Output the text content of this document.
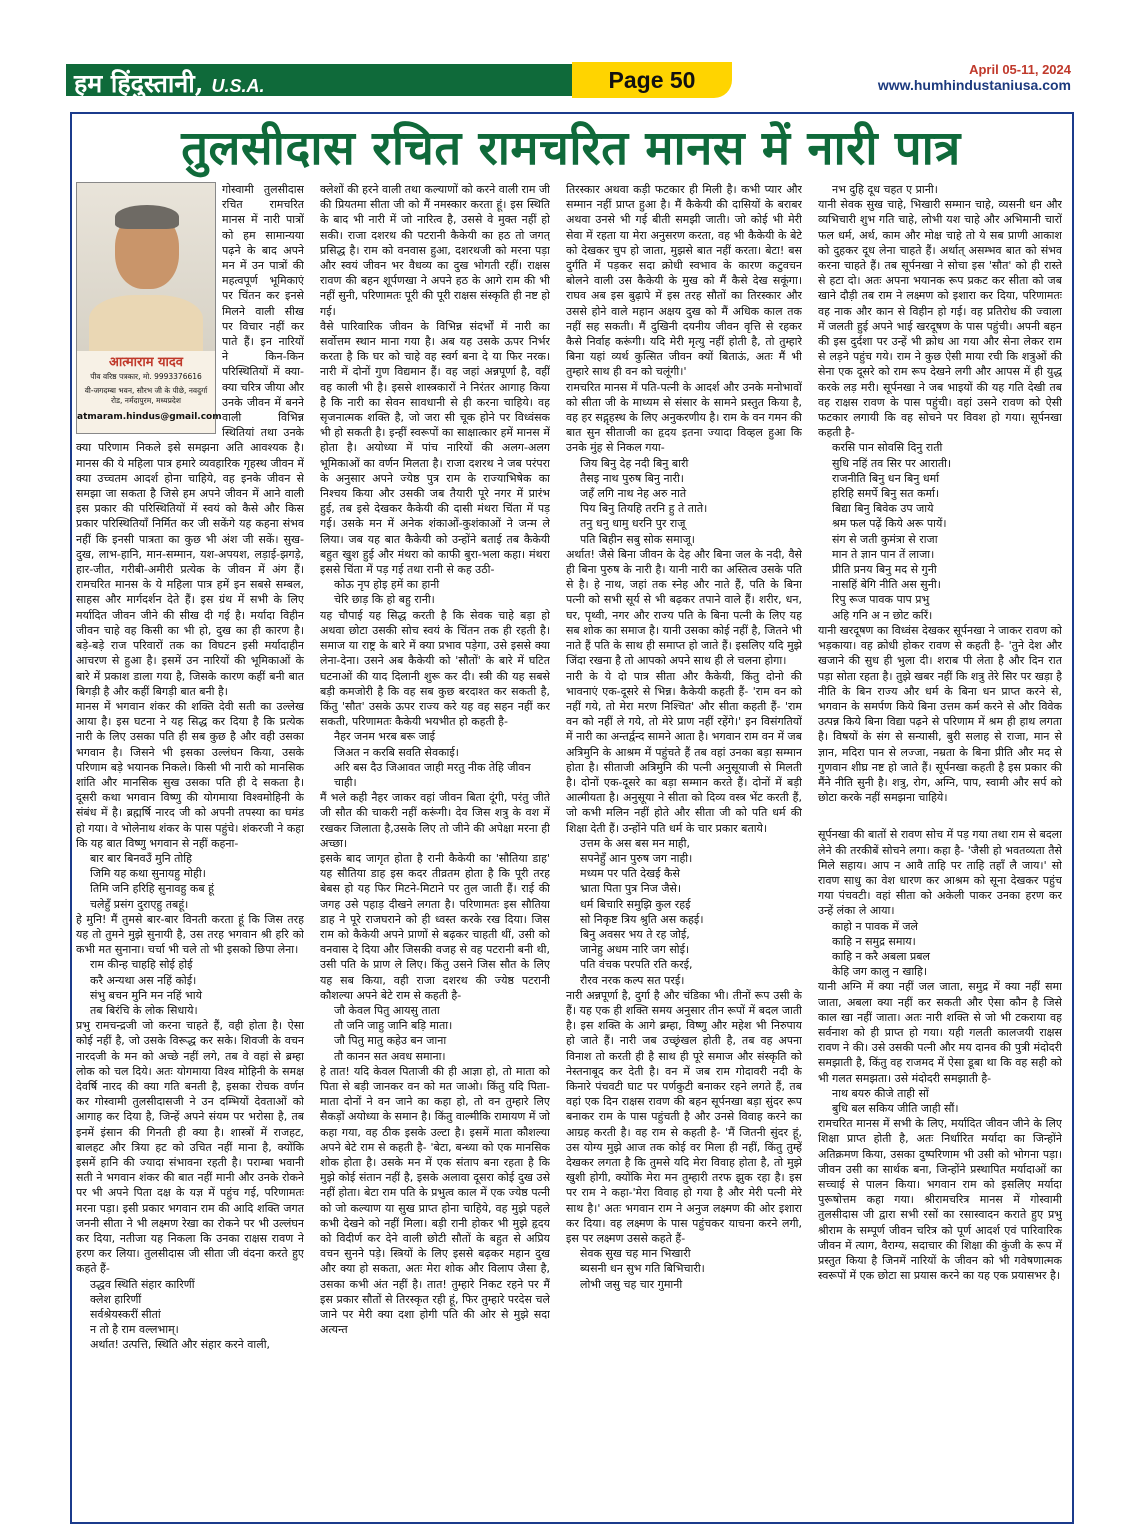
हम हिंदुस्तानी, U.S.A.	Page 50	April 05-11, 2024
www.humhindustaniusa.com
तुलसीदास रचित रामचरित मानस में नारी पात्र
आत्माराम यादव
पीव वरिष्ठ पत्रकार, मो. 9993376616
वी-जगदम्बा भवन, सौरभ जी के पीछे, नवदुर्गा रोड, नर्मदापुरम, मध्यप्रदेश
atmaram.hindus@gmail.com

गोस्वामी तुलसीदास रचित रामचरित मानस में नारी पात्रों को हम सामान्यया पढ़ने के बाद अपने मन में उन पात्रों की महत्वपूर्ण भूमिकाएं पर चिंतन कर इनसे मिलने वाली सीख पर विचार नहीं कर पाते हैं। इन नारियों ने किन-किन परिस्थितियों में क्या-क्या चरित्र जीया और उनके जीवन में बनने वाली विभिन्न स्थितियां तथा उनके क्या परिणाम निकले इसे समझना अति आवश्यक है। मानस की ये महिला पात्र हमारे व्यवहारिक गृहस्थ जीवन में क्या उच्चतम आदर्श होना चाहिये, वह इनके जीवन से समझा जा सकता है जिसे हम अपने जीवन में आने वाली इस प्रकार की परिस्थितियों में स्वयं को कैसे और किस प्रकार परिस्थितियाँ निर्मित कर जी सकेंगे यह कहना संभव नहीं कि इनसी पात्रता का कुछ भी अंश जी सकें। सुख-दुख, लाभ-हानि, मान-सम्मान, यश-अपयश, लड़ाई-झगड़े, हार-जीत, गरीबी-अमीरी प्रत्येक के जीवन में अंग हैं। रामचरित मानस के ये महिला पात्र हमें इन सबसे सम्बल, साहस और मार्गदर्शन देते हैं। इस ग्रंथ में सभी के लिए मर्यादित जीवन जीने की सीख दी गई है। मर्यादा विहीन जीवन चाहे वह किसी का भी हो, दुख का ही कारण है। बड़े-बड़े राज परिवारों तक का विघटन इसी मर्यादाहीन आचरण से हुआ है। इसमें उन नारियों की भूमिकाओं के बारे में प्रकाश डाला गया है, जिसके कारण कहीं बनी बात बिगड़ी है और कहीं बिगड़ी बात बनी है।

मानस में भगवान शंकर की शक्ति देवी सती का उल्लेख आया है। इस घटना ने यह सिद्ध कर दिया है कि प्रत्येक नारी के लिए उसका पति ही सब कुछ है और वही उसका भगवान है। जिसने भी इसका उल्लंघन किया, उसके परिणाम बड़े भयानक निकले। किसी भी नारी को मानसिक शांति और मानसिक सुख उसका पति ही दे सकता है। दूसरी कथा भगवान विष्णु की योगमाया विश्वमोहिनी के संबंध में है। ब्रह्मर्षि नारद जी को अपनी तपस्या का घमंड हो गया। वे भोलेनाथ शंकर के पास पहुंचे। शंकरजी ने कहा कि यह बात विष्णु भगवान से नहीं कहना-

बार बार बिनवउँ मुनि तोहि

जिमि यह कथा सुनायहु मोही।

तिमि जनि हरिहि सुनावहु कब हूं

चलेहुँ प्रसंग दुराएहु तबहूं।

हे मुनि! मैं तुमसे बार-बार विनती करता हूं कि जिस तरह यह तो तुमने मुझे सुनायी है, उस तरह भगवान श्री हरि को कभी मत सुनाना। चर्चा भी चले तो भी इसको छिपा लेना।

राम कीन्ह चाहहि सोई होई

करै अन्यथा अस नहिं कोई।

संभु बचन मुनि मन नहिं भाये

तब बिरंचि के लोक सिधाये।

प्रभु रामचन्द्रजी जो करना चाहते हैं, वही होता है। ऐसा कोई नहीं है, जो उसके विरूद्ध कर सके। शिवजी के वचन नारदजी के मन को अच्छे नहीं लगे, तब वे वहां से ब्रम्हा लोक को चल दिये। अतः योगमाया विश्व मोहिनी के समक्ष देवर्षि नारद की क्या गति बनती है, इसका रोचक वर्णन कर गोस्वामी तुलसीदासजी ने उन दम्भियों देवताओं को आगाह कर दिया है, जिन्हें अपने संयम पर भरोसा है, तब इनमें इंसान की गिनती ही क्या है। शास्त्रों में राजहट, बालहट और त्रिया हट को उचित नहीं माना है, क्योंकि इसमें हानि की ज्यादा संभावना रहती है। पराम्बा भवानी सती ने भगवान शंकर की बात नहीं मानी और उनके रोकने पर भी अपने पिता दक्ष के यज्ञ में पहुंच गई, परिणामतः मरना पड़ा। इसी प्रकार भगवान राम की आदि शक्ति जगत जननी सीता ने भी लक्ष्मण रेखा का रोकने पर भी उल्लंघन कर दिया, नतीजा यह निकला कि उनका राक्षस रावण ने हरण कर लिया। तुलसीदास जी सीता जी वंदना करते हुए कहते हैं-

उद्धव स्थिति संहार कारिणीं

क्लेश हारिणीं

सर्वश्रेयस्करीं सीतां

न तो है राम वल्लभाम्।

अर्थात! उत्पत्ति, स्थिति और संहार करने वाली,

क्लेशों की हरने वाली तथा कल्याणों को करने वाली राम जी की प्रियतमा सीता जी को मैं नमस्कार करता हूं। इस स्थिति के बाद भी नारी में जो नारित्व है, उससे वे मुक्त नहीं हो सकी। राजा दशरथ की पटरानी कैकेयी का हठ तो जगत् प्रसिद्ध है। राम को वनवास हुआ, दशरथजी को मरना पड़ा और स्वयं जीवन भर वैधव्य का दुख भोगती रहीं। राक्षस रावण की बहन शूर्पणखा ने अपने हठ के आगे राम की भी नहीं सुनी, परिणामतः पूरी की पूरी राक्षस संस्कृति ही नष्ट हो गई।

वैसे पारिवारिक जीवन के विभिन्न संदर्भों में नारी का सर्वोत्तम स्थान माना गया है। अब यह उसके ऊपर निर्भर करता है कि घर को चाहे वह स्वर्ग बना दे या फिर नरक। नारी में दोनों गुण विद्यमान हैं। वह जहां अन्नपूर्णा है, वहीं वह काली भी है। इससे शास्त्रकारों ने निरंतर आगाह किया है कि नारी का सेवन सावधानी से ही करना चाहिये। वह सृजनात्मक शक्ति है, जो जरा सी चूक होने पर विध्वंसक भी हो सकती है। इन्हीं स्वरूपों का साक्षात्कार हमें मानस में होता है। अयोध्या में पांच नारियों की अलग-अलग भूमिकाओं का वर्णन मिलता है। राजा दशरथ ने जब परंपरा के अनुसार अपने ज्येष्ठ पुत्र राम के राज्याभिषेक का निश्चय किया और उसकी जब तैयारी पूरे नगर में प्रारंभ हुई, तब इसे देखकर कैकेयी की दासी मंथरा चिंता में पड़ गई। उसके मन में अनेक शंकाओं-कुशंकाओं ने जन्म ले लिया। जब यह बात कैकेयी को उन्होंने बताई तब कैकेयी बहुत खुश हुई और मंथरा को काफी बुरा-भला कहा। मंथरा इससे चिंता में पड़ गई तथा रानी से कह उठी-

कोऊ नृप होइ हमें का हानी

चेरि छाड़ कि हो बहु रानी।

यह चौपाई यह सिद्ध करती है कि सेवक चाहे बड़ा हो अथवा छोटा उसकी सोच स्वयं के चिंतन तक ही रहती है। समाज या राष्ट्र के बारे में क्या प्रभाव पड़ेगा, उसे इससे क्या लेना-देना। उसने अब कैकेयी को 'सौतों' के बारे में घटित घटनाओं की याद दिलानी शुरू कर दी। स्त्री की यह सबसे बड़ी कमजोरी है कि वह सब कुछ बरदाश्त कर सकती है, किंतु 'सौत' उसके ऊपर राज्य करे यह वह सहन नहीं कर सकती, परिणामतः कैकेयी भयभीत हो कहती है-

नैहर जनम भरब बरू जाई

जिअत न करबि सवति सेवकाई।

अरि बस दैउ जिआवत जाही मरतु नीक तेहि जीवन चाही।

मैं भले कही नैहर जाकर वहां जीवन बिता दूंगी, परंतु जीते जी सौत की चाकरी नहीं करूंगी। देव जिस शत्रु के वश में रखकर जिलाता है,उसके लिए तो जीने की अपेक्षा मरना ही अच्छा।

इसके बाद जागृत होता है रानी कैकेयी का 'सौतिया डाह' यह सौतिया डाह इस कदर तीव्रतम होता है कि पूरी तरह बेबस हो यह फिर मिटने-मिटाने पर तुल जाती हैं। राई की जगह उसे पहाड़ दीखने लगता है। परिणामतः इस सौतिया डाह ने पूरे राजघराने को ही ध्वस्त करके रख दिया। जिस राम को कैकेयी अपने प्राणों से बढ़कर चाहती थीं, उसी को वनवास दे दिया और जिसकी वजह से वह पटरानी बनी थी, उसी पति के प्राण ले लिए। किंतु उसने जिस सौत के लिए यह सब किया, वही राजा दशरथ की ज्येष्ठ पटरानी कौशल्या अपने बेटे राम से कहती है-

जौ केवल पितु आयसु ताता

तौ जनि जाहु जानि बड़ि माता।

जौ पितु मातु कहेउ बन जाना

तौ कानन सत अवध समाना।

हे तात! यदि केवल पिताजी की ही आज्ञा हो, तो माता को पिता से बड़ी जानकर वन को मत जाओ। किंतु यदि पिता-माता दोनों ने वन जाने का कहा हो, तो वन तुम्हारे लिए सैकड़ों अयोध्या के समान है। किंतु वाल्मीकि रामायण में जो कहा गया, वह ठीक इसके उल्टा है। इसमें माता कौशल्या अपने बेटे राम से कहती है- 'बेटा, बन्ध्या को एक मानसिक शोक होता है। उसके मन में एक संताप बना रहता है कि मुझे कोई संतान नहीं है, इसके अलावा दूसरा कोई दुख उसे नहीं होता। बेटा राम पति के प्रभुत्व काल में एक ज्येष्ठ पत्नी को जो कल्याण या सुख प्राप्त होना चाहिये, वह मुझे पहले कभी देखने को नहीं मिला। बड़ी रानी होकर भी मुझे हृदय को विदीर्ण कर देने वाली छोटी सौतों के बहुत से अप्रिय वचन सुनने पड़े। स्त्रियों के लिए इससे बढ़कर महान दुख और क्या हो सकता, अतः मेरा शोक और विलाप जैसा है, उसका कभी अंत नहीं है। तात! तुम्हारे निकट रहने पर मैं इस प्रकार सौतों से तिरस्कृत रही हूं, फिर तुम्हारे परदेस चले जाने पर मेरी क्या दशा होगी पति की ओर से मुझे सदा अत्यन्त

तिरस्कार अथवा कड़ी फटकार ही मिली है। कभी प्यार और सम्मान नहीं प्राप्त हुआ है। मैं कैकेयी की दासियों के बराबर अथवा उनसे भी गई बीती समझी जाती। जो कोई भी मेरी सेवा में रहता या मेरा अनुसरण करता, वह भी कैकेयी के बेटे को देखकर चुप हो जाता, मुझसे बात नहीं करता। बेटा! बस दुर्गति में पड़कर सदा क्रोधी स्वभाव के कारण कटुवचन बोलने वाली उस कैकेयी के मुख को मैं कैसे देख सकूंगा। राघव अब इस बुढ़ापे में इस तरह सौतों का तिरस्कार और उससे होने वाले महान अक्षय दुख को मैं अधिक काल तक नहीं सह सकती। मैं दुखिनी दयनीय जीवन वृत्ति से रहकर कैसे निर्वाह करूंगी। यदि मेरी मृत्यु नहीं होती है, तो तुम्हारे बिना यहां व्यर्थ कुत्सित जीवन क्यों बिताऊं, अतः मैं भी तुम्हारे साथ ही वन को चलूंगी।'

रामचरित मानस में पति-पत्नी के आदर्श और उनके मनोभावों को सीता जी के माध्यम से संसार के सामने प्रस्तुत किया है, वह हर सद्गृहस्थ के लिए अनुकरणीय है। राम के वन गमन की बात सुन सीताजी का हृदय इतना ज्यादा विव्हल हुआ कि उनके मुंह से निकल गया-

जिय बिनु देह नदी बिनु बारी

तैसइ नाथ पुरुष बिनु नारी।

जहँ लगि नाथ नेह अरु नाते

पिय बिनु तियहि तरनि हु ते ताते।

तनु धनु धामु धरनि पुर राजू

पति बिहीन सबु सोक समाजू।

अर्थात! जैसे बिना जीवन के देह और बिना जल के नदी, वैसे ही बिना पुरुष के नारी है। यानी नारी का अस्तित्व उसके पति से है। हे नाथ, जहां तक स्नेह और नाते हैं, पति के बिना पत्नी को सभी सूर्य से भी बढ़कर तपाने वाले हैं। शरीर, धन, घर, पृथ्वी, नगर और राज्य पति के बिना पत्नी के लिए यह सब शोक का समाज है। यानी उसका कोई नहीं है, जितने भी नाते हैं पति के साथ ही समाप्त हो जाते हैं। इसलिए यदि मुझे जिंदा रखना है तो आपको अपने साथ ही ले चलना होगा।

नारी के ये दो पात्र सीता और कैकेयी, किंतु दोनो की भावनाएं एक-दूसरे से भिन्न। कैकेयी कहती हैं- 'राम वन को नहीं गये, तो मेरा मरण निश्चित' और सीता कहती हैं- 'राम वन को नहीं ले गये, तो मेरे प्राण नहीं रहेंगे।' इन विसंगतियों में नारी का अन्तर्द्वन्द सामने आता है। भगवान राम वन में जब अत्रिमुनि के आश्रम में पहुंचते हैं तब वहां उनका बड़ा सम्मान होता है। सीताजी अत्रिमुनि की पत्नी अनुसूयाजी से मिलती है। दोनों एक-दूसरे का बड़ा सम्मान करते हैं। दोनों में बड़ी आत्मीयता है। अनुसूया ने सीता को दिव्य वस्त्र भेंट करती हैं, जो कभी मलिन नहीं होते और सीता जी को पति धर्म की शिक्षा देती हैं। उन्होंने पति धर्म के चार प्रकार बताये।

उत्तम के अस बस मन माही,

सपनेहुँ आन पुरुष जग नाही।

मध्यम पर पति देखई कैसे

भ्राता पिता पुत्र निज जैसे।

धर्म बिचारि समुझि कुल रहई

सो निकृष्ट त्रिय श्रुति अस कहई।

बिनु अवसर भय ते रह जोई,

जानेहु अधम नारि जग सोई।

पति वंचक परपति रति करई,

रौरव नरक कल्प सत परई।

नारी अन्नपूर्णा है, दुर्गा है और चंडिका भी। तीनों रूप उसी के हैं। यह एक ही शक्ति समय अनुसार तीन रूपों में बदल जाती है। इस शक्ति के आगे ब्रम्हा, विष्णु और महेश भी निरुपाय हो जाते हैं। नारी जब उच्छृंखल होती है, तब वह अपना विनाश तो करती ही है साथ ही पूरे समाज और संस्कृति को नेस्तनाबूद कर देती है। वन में जब राम गोदावरी नदी के किनारे पंचवटी घाट पर पर्णकुटी बनाकर रहने लगते हैं, तब वहां एक दिन राक्षस रावण की बहन सूर्पनखा बड़ा सुंदर रूप बनाकर राम के पास पहुंचती है और उनसे विवाह करने का आग्रह करती है। वह राम से कहती है- 'मैं जितनी सुंदर हूं, उस योग्य मुझे आज तक कोई वर मिला ही नहीं, किंतु तुम्हें देखकर लगता है कि तुमसे यदि मेरा विवाह होता है, तो मुझे खुशी होगी, क्योंकि मेरा मन तुम्हारी तरफ झुक रहा है। इस पर राम ने कहा-'मेरा विवाह हो गया है और मेरी पत्नी मेरे साथ है।' अतः भगवान राम ने अनुज लक्ष्मण की ओर इशारा कर दिया। वह लक्ष्मण के पास पहुंचकर याचना करने लगी, इस पर लक्ष्मण उससे कहते हैं-

सेवक सुख चह मान भिखारी

ब्यसनी धन सुभ गति बिभिचारी।

लोभी जसु चह चार गुमानी

नभ दुहि दूध चहत ए प्रानी।

यानी सेवक सुख चाहे, भिखारी सम्मान चाहे, व्यसनी धन और व्यभिचारी शुभ गति चाहे, लोभी यश चाहे और अभिमानी चारों फल धर्म, अर्थ, काम और मोक्ष चाहे तो ये सब प्राणी आकाश को दुहकर दूध लेना चाहते हैं। अर्थात् असम्भव बात को संभव करना चाहते हैं। तब सूर्पनखा ने सोचा इस 'सौत' को ही रास्ते से हटा दो। अतः अपना भयानक रूप प्रकट कर सीता को जब खाने दौड़ी तब राम ने लक्ष्मण को इशारा कर दिया, परिणामतः वह नाक और कान से विहीन हो गई। वह प्रतिरोध की ज्वाला में जलती हुई अपने भाई खरदूषण के पास पहुंची। अपनी बहन की इस दुर्दशा पर उन्हें भी क्रोध आ गया और सेना लेकर राम से लड़ने पहुंच गये। राम ने कुछ ऐसी माया रची कि शत्रुओं की सेना एक दूसरे को राम रूप देखने लगी और आपस में ही युद्ध करके लड़ मरी। सूर्पनखा ने जब भाइयों की यह गति देखी तब वह राक्षस रावण के पास पहुंची। वहां उसने रावण को ऐसी फटकार लगायी कि वह सोचने पर विवश हो गया। सूर्पनखा कहती है-

करसि पान सोवसि दिनु राती

सुधि नहिं तव सिर पर आराती।

राजनीति बिनु धन बिनु धर्मा

हरिहि समर्पे बिनु सत कर्मा।

बिद्या बिनु बिवेक उप जाये

श्रम फल पढ़ें किये अरू पायें।

संग से जती कुमंत्रा से राजा

मान ते ज्ञान पान तें लाजा।

प्रीति प्रनय बिनु मद से गुनी

नासहिं बेगि नीति अस सुनी।

रिपु रूज पावक पाप प्रभु

अहि गनि अ न छोट करिं।

यानी खरदूषण का विध्वंस देखकर सूर्पनखा ने जाकर रावण को भड़काया। वह क्रोधी होकर रावण से कहती है- 'तुने देश और खजाने की सुध ही भुला दी। शराब पी लेता है और दिन रात पड़ा सोता रहता है। तुझे खबर नहीं कि शत्रु तेरे सिर पर खड़ा है नीति के बिन राज्य और धर्म के बिना धन प्राप्त करने से, भगवान के समर्पण किये बिना उत्तम कर्म करने से और विवेक उत्पन्न किये बिना विद्या पढ़ने से परिणाम में श्रम ही हाथ लगता है। विषयों के संग से सन्यासी, बुरी सलाह से राजा, मान से ज्ञान, मदिरा पान से लज्जा, नम्रता के बिना प्रीति और मद से गुणवान शीघ्र नष्ट हो जाते हैं। सूर्पनखा कहती है इस प्रकार की मैंने नीति सुनी है। शत्रु, रोग, अग्नि, पाप, स्वामी और सर्प को छोटा करके नहीं समझना चाहिये।

सूर्पनखा की बातों से रावण सोच में पड़ गया तथा राम से बदला लेने की तरकीबें सोचने लगा। कहा है- 'जैसी हो भवतव्यता तैसे मिले सहाय। आप न आवै ताहि पर ताहि तहाँ लै जाय।' सो रावण साधु का वेश धारण कर आश्रम को सूना देखकर पहुंच गया पंचवटी। वहां सीता को अकेली पाकर उनका हरण कर उन्हें लंका ले आया।

काहो न पावक में जले

काहि न समुद्र समाय।

काहि न करै अबला प्रबल

केहि जग कालु न खाहि।

यानी अग्नि में क्या नहीं जल जाता, समुद्र में क्या नहीं समा जाता, अबला क्या नहीं कर सकती और ऐसा कौन है जिसे काल खा नहीं जाता। अतः नारी शक्ति से जो भी टकराया वह सर्वनाश को ही प्राप्त हो गया। यही गलती कालजयी राक्षस रावण ने की। उसे उसकी पत्नी और मय दानव की पुत्री मंदोदरी समझाती है, किंतु वह राजमद में ऐसा डूबा था कि वह सही को भी गलत समझता। उसे मंदोदरी समझाती है-

नाथ बयरु कीजे ताही सों

बुधि बल सकिय जीति जाही सौं।

रामचरित मानस में सभी के लिए, मर्यादित जीवन जीने के लिए शिक्षा प्राप्त होती है, अतः निर्धारित मर्यादा का जिन्होंने अतिक्रमण किया, उसका दुष्परिणाम भी उसी को भोगना पड़ा। जीवन उसी का सार्थक बना, जिन्होंने प्रस्थापित मर्यादाओं का सच्चाई से पालन किया। भगवान राम को इसलिए मर्यादा पुरूषोत्तम कहा गया। श्रीरामचरित्र मानस में गोस्वामी तुलसीदास जी द्वारा सभी रसों का रसास्वादन कराते हुए प्रभु श्रीराम के सम्पूर्ण जीवन चरित्र को पूर्ण आदर्श एवं पारिवारिक जीवन में त्याग, वैराग्य, सदाचार की शिक्षा की कुंजी के रूप में प्रस्तुत किया है जिनमें नारियों के जीवन को भी गवेषणात्मक स्वरूपों में एक छोटा सा प्रयास करने का यह एक प्रयासभर है।
